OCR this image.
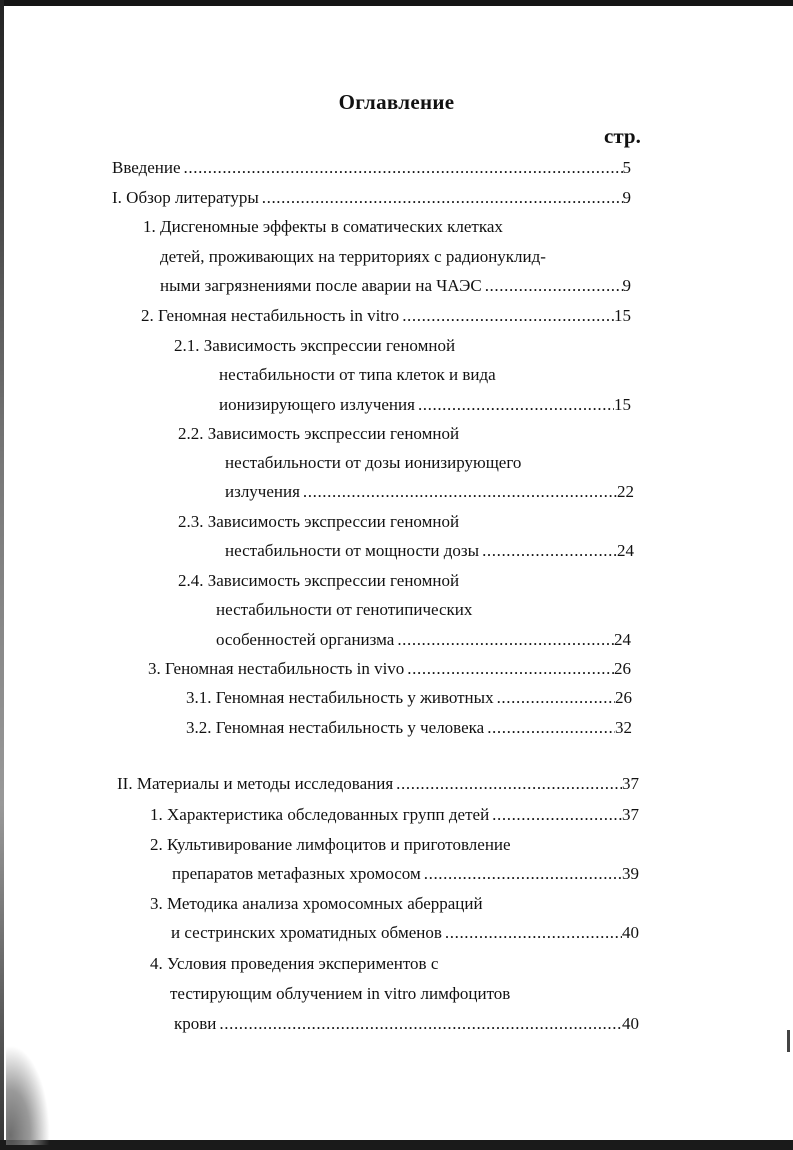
Оглавление
стр.
Введение .....	5
I. Обзор литературы .....	9
1. Дисгеномные эффекты в соматических клетках
детей, проживающих на территориях с радионуклид-
ными загрязнениями после аварии на ЧАЭС .....	9
2. Геномная нестабильность in vitro .....	15
2.1. Зависимость экспрессии геномной
нестабильности от типа клеток и вида
ионизирующего излучения .....	15
2.2. Зависимость экспрессии геномной
нестабильности от дозы ионизирующего
излучения .....	22
2.3. Зависимость экспрессии геномной
нестабильности от мощности дозы .....	24
2.4. Зависимость экспрессии геномной
нестабильности от генотипических
особенностей организма .....	24
3. Геномная нестабильность in vivo .....	26
3.1. Геномная нестабильность у животных .....	26
3.2. Геномная нестабильность у человека .....	32
II. Материалы и методы исследования .....	37
1. Характеристика обследованных групп детей .....	37
2. Культивирование лимфоцитов и приготовление
препаратов метафазных хромосом .....	39
3. Методика анализа хромосомных аберраций
и сестринских хроматидных обменов .....	40
4. Условия проведения экспериментов с
тестирующим облучением in vitro лимфоцитов
крови .....	40
